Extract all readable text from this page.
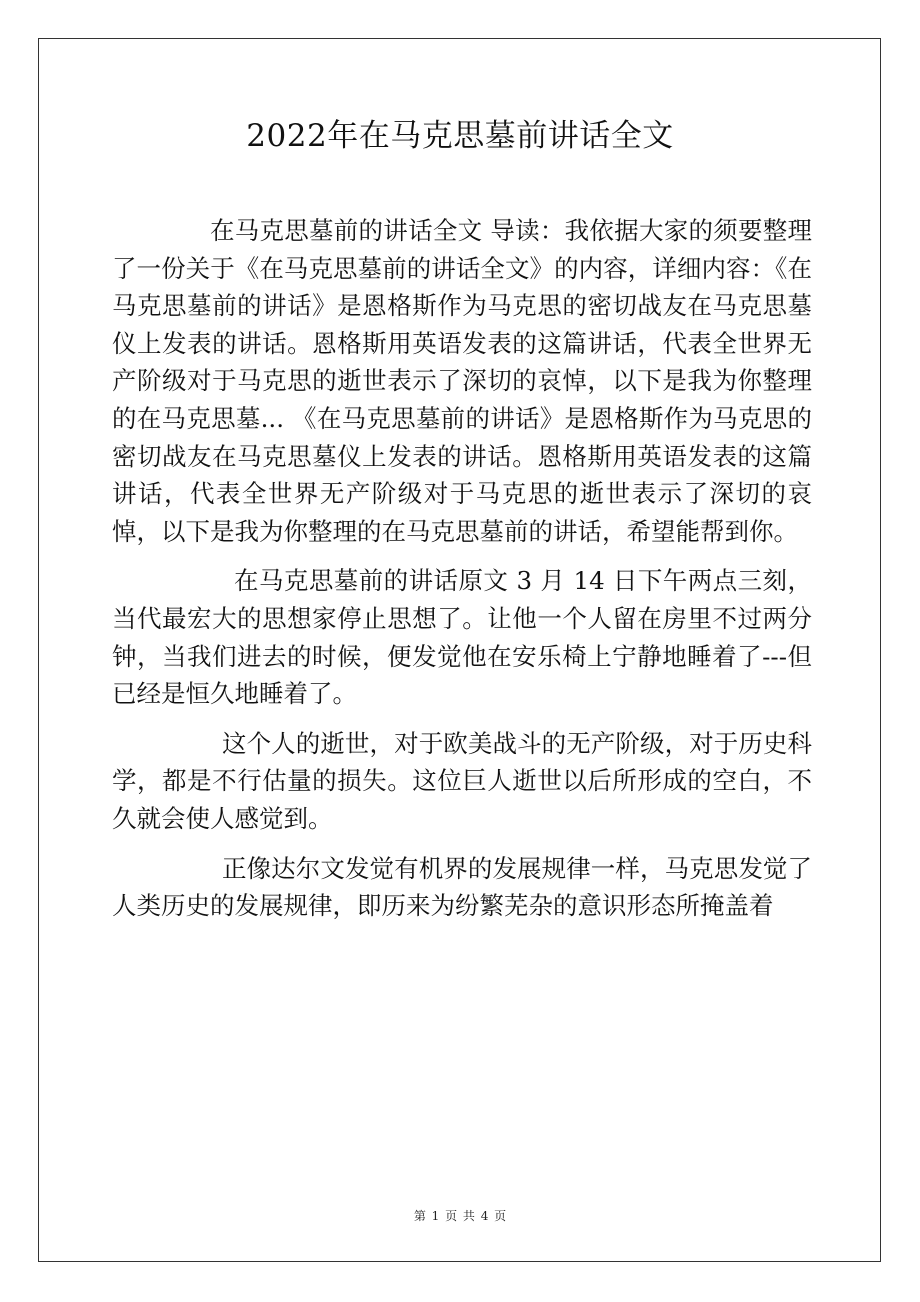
2022年在马克思墓前讲话全文

在马克思墓前的讲话全文 导读：我依据大家的须要整理了一份关于《在马克思墓前的讲话全文》的内容，详细内容：《在马克思墓前的讲话》是恩格斯作为马克思的密切战友在马克思墓仪上发表的讲话。恩格斯用英语发表的这篇讲话，代表全世界无产阶级对于马克思的逝世表示了深切的哀悼，以下是我为你整理的在马克思墓... 《在马克思墓前的讲话》是恩格斯作为马克思的密切战友在马克思墓仪上发表的讲话。恩格斯用英语发表的这篇讲话，代表全世界无产阶级对于马克思的逝世表示了深切的哀悼，以下是我为你整理的在马克思墓前的讲话，希望能帮到你。

在马克思墓前的讲话原文 3 月 14 日下午两点三刻，当代最宏大的思想家停止思想了。让他一个人留在房里不过两分钟，当我们进去的时候，便发觉他在安乐椅上宁静地睡着了---但已经是恒久地睡着了。

这个人的逝世，对于欧美战斗的无产阶级，对于历史科学，都是不行估量的损失。这位巨人逝世以后所形成的空白，不久就会使人感觉到。

正像达尔文发觉有机界的发展规律一样，马克思发觉了人类历史的发展规律，即历来为纷繁芜杂的意识形态所掩盖着

第 1 页 共 4 页
